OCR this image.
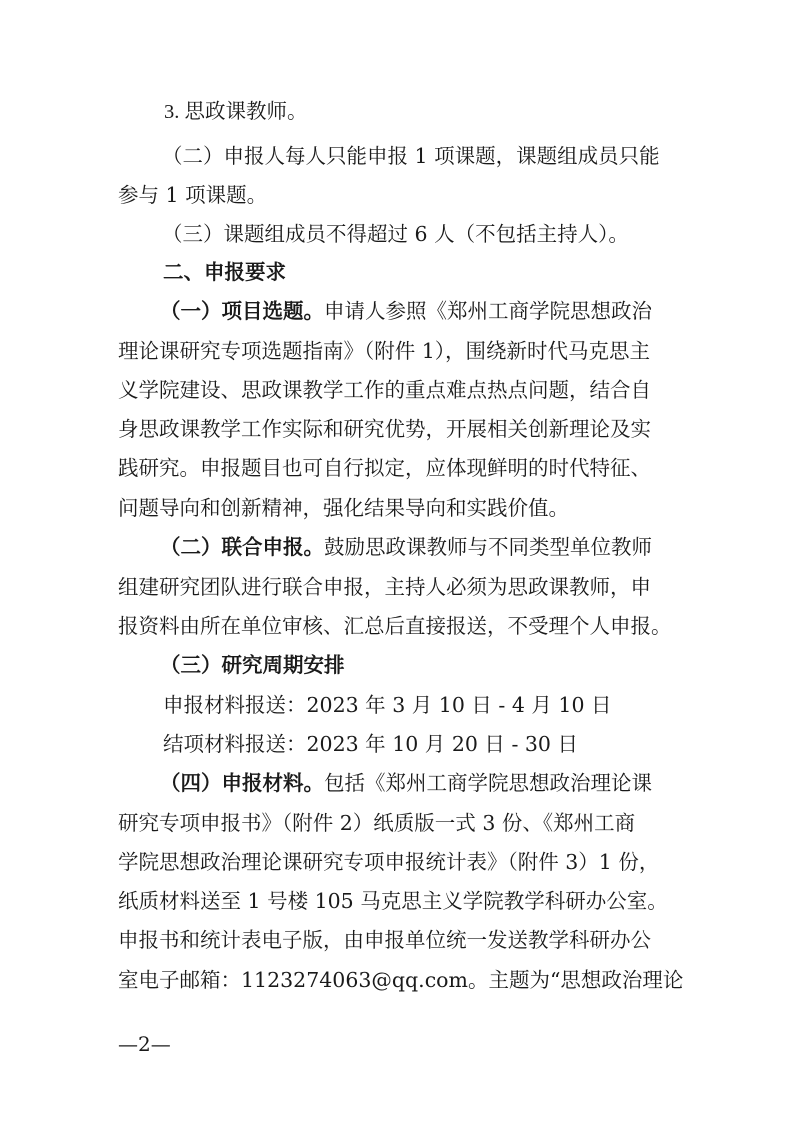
3. 思政课教师。
（二）申报人每人只能申报 1 项课题，课题组成员只能
参与 1 项课题。
（三）课题组成员不得超过 6 人（不包括主持人）。
二、申报要求
（一）项目选题。申请人参照《郑州工商学院思想政治
理论课研究专项选题指南》（附件 1），围绕新时代马克思主
义学院建设、思政课教学工作的重点难点热点问题，结合自
身思政课教学工作实际和研究优势，开展相关创新理论及实
践研究。申报题目也可自行拟定，应体现鲜明的时代特征、
问题导向和创新精神，强化结果导向和实践价值。
（二）联合申报。鼓励思政课教师与不同类型单位教师
组建研究团队进行联合申报，主持人必须为思政课教师，申
报资料由所在单位审核、汇总后直接报送，不受理个人申报。
（三）研究周期安排
申报材料报送：2023 年 3 月 10 日 - 4 月 10 日
结项材料报送：2023 年 10 月 20 日 - 30 日
（四）申报材料。包括《郑州工商学院思想政治理论课
研究专项申报书》（附件 2）纸质版一式 3 份、《郑州工商
学院思想政治理论课研究专项申报统计表》（附件 3）1 份，
纸质材料送至 1 号楼 105 马克思主义学院教学科研办公室。
申报书和统计表电子版，由申报单位统一发送教学科研办公
室电子邮箱：1123274063@qq.com。主题为“思想政治理论
—2—
